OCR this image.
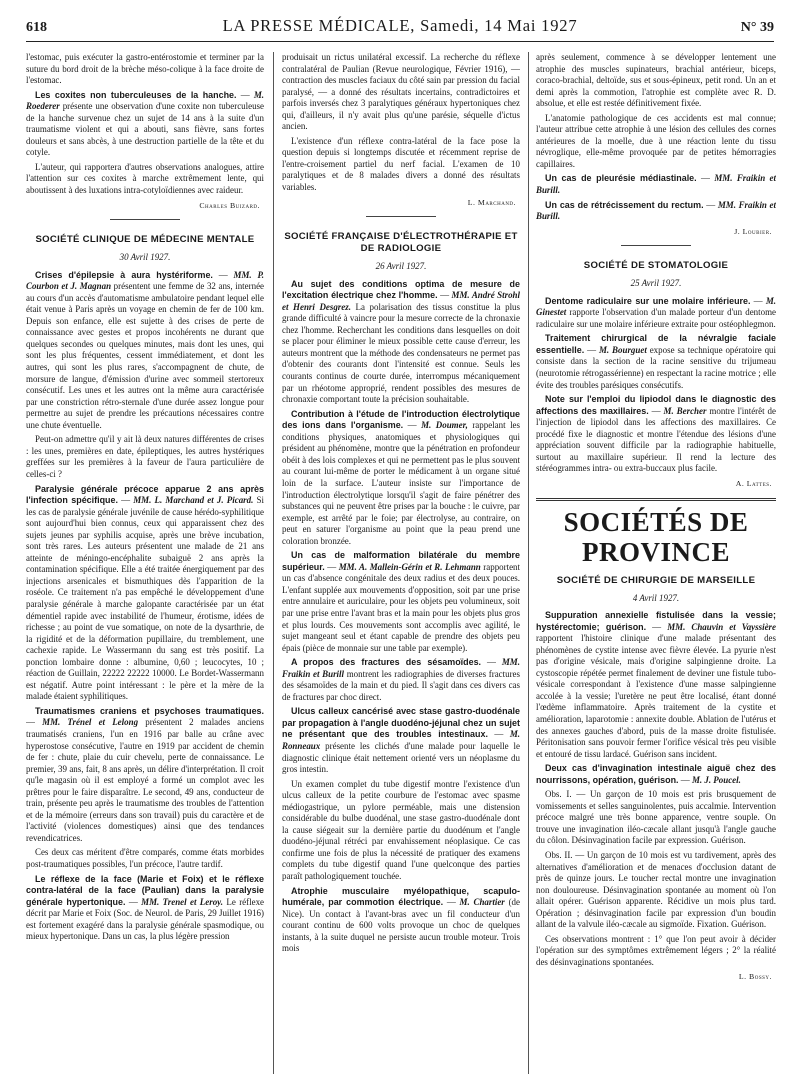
618	LA PRESSE MÉDICALE, Samedi, 14 Mai 1927	N° 39

l'estomac, puis exécuter la gastro-entérostomie et terminer par la suture du bord droit de la brèche méso-colique à la face droite de l'estomac.

Les coxites non tuberculeuses de la hanche. — M. Roederer présente une observation d'une coxite non tuberculeuse de la hanche survenue chez un sujet de 14 ans à la suite d'un traumatisme violent et qui a abouti, sans fièvre, sans fortes douleurs et sans abcès, à une destruction partielle de la tête et du cotyle.

L'auteur, qui rapportera d'autres observations analogues, attire l'attention sur ces coxites à marche extrêmement lente, qui aboutissent à des luxations intra-cotyloïdiennes avec raideur.

Charles Buizard.
SOCIÉTÉ CLINIQUE DE MÉDECINE MENTALE
30 Avril 1927.

Crises d'épilepsie à aura hystériforme. — MM. P. Courbon et J. Magnan présentent une femme de 32 ans, internée au cours d'un accès d'automatisme ambulatoire pendant lequel elle était venue à Paris après un voyage en chemin de fer de 100 km. Depuis son enfance, elle est sujette à des crises de perte de connaissance avec gestes et propos incohérents ne durant que quelques secondes ou quelques minutes, mais dont les unes, qui sont les plus fréquentes, cessent immédiatement, et dont les autres, qui sont les plus rares, s'accompagnent de chute, de morsure de langue, d'émission d'urine avec sommeil stertoreux consécutif. Les unes et les autres ont la même aura caractérisée par une constriction rétro-sternale d'une durée assez longue pour permettre au sujet de prendre les précautions nécessaires contre une chute éventuelle.

Peut-on admettre qu'il y ait là deux natures différentes de crises : les unes, premières en date, épileptiques, les autres hystériques greffées sur les premières à la faveur de l'aura particulière de celles-ci ?

Paralysie générale précoce apparue 2 ans après l'infection spécifique. — MM. L. Marchand et J. Picard. Si les cas de paralysie générale juvénile de cause hérédo-syphilitique sont aujourd'hui bien connus, ceux qui apparaissent chez des sujets jeunes par syphilis acquise, après une brève incubation, sont très rares. Les auteurs présentent une malade de 21 ans atteinte de méningo-encéphalite subaiguë 2 ans après la contamination spécifique. Elle a été traitée énergiquement par des injections arsenicales et bismuthiques dès l'apparition de la roséole. Ce traitement n'a pas empêché le développement d'une paralysie générale à marche galopante caractérisée par un état démentiel rapide avec instabilité de l'humeur, érotisme, idées de richesse ; au point de vue somatique, on note de la dysarthrie, de la rigidité et de la déformation pupillaire, du tremblement, une cachexie rapide. Le Wassermann du sang est très positif. La ponction lombaire donne : albumine, 0,60 ; leucocytes, 10 ; réaction de Guillain, 22222 22222 10000. Le Bordet-Wassermann est négatif. Autre point intéressant : le père et la mère de la malade étaient syphilitiques.

Traumatismes craniens et psychoses traumatiques. — MM. Trénel et Lelong présentent 2 malades anciens traumatisés craniens, l'un en 1916 par balle au crâne avec hyperostose consécutive, l'autre en 1919 par accident de chemin de fer : chute, plaie du cuir chevelu, perte de connaissance. Le premier, 39 ans, fait, 8 ans après, un délire d'interprétation. Il croit qu'le magasin où il est employé a formé un complot avec les prêtres pour le faire disparaître. Le second, 49 ans, conducteur de train, présente peu après le traumatisme des troubles de l'attention et de la mémoire (erreurs dans son travail) puis du caractère et de l'activité (violences domestiques) ainsi que des tendances revendicatrices.

Ces deux cas méritent d'être comparés, comme états morbides post-traumatiques possibles, l'un précoce, l'autre tardif.

Le réflexe de la face (Marie et Foix) et le réflexe contra-latéral de la face (Paulian) dans la paralysie générale hypertonique. — MM. Trenel et Leroy. Le réflexe décrit par Marie et Foix (Soc. de Neurol. de Paris, 29 Juillet 1916) est fortement exagéré dans la paralysie générale spasmodique, ou mieux hypertonique. Dans un cas, la plus légère pression

produisait un rictus unilatéral excessif. La recherche du réflexe contralatéral de Paulian (Revue neurologique, Février 1916), — contraction des muscles faciaux du côté sain par pression du facial paralysé, — a donné des résultats incertains, contradictoires et parfois inversés chez 3 paralytiques généraux hypertoniques chez qui, d'ailleurs, il n'y avait plus qu'une parésie, séquelle d'ictus ancien.

L'existence d'un réflexe contra-latéral de la face pose la question depuis si longtemps discutée et récemment reprise de l'entre-croisement partiel du nerf facial. L'examen de 10 paralytiques et de 8 malades divers a donné des résultats variables.

L. Marchand.
SOCIÉTÉ FRANÇAISE D'ÉLECTROTHÉRAPIE ET DE RADIOLOGIE
26 Avril 1927.

Au sujet des conditions optima de mesure de l'excitation électrique chez l'homme. — MM. André Strohl et Henri Desgrez. La polarisation des tissus constitue la plus grande difficulté à vaincre pour la mesure correcte de la chronaxie chez l'homme. Recherchant les conditions dans lesquelles on doit se placer pour éliminer le mieux possible cette cause d'erreur, les auteurs montrent que la méthode des condensateurs ne permet pas d'obtenir des courants dont l'intensité est connue. Seuls les courants continus de courte durée, interrompus mécaniquement par un rhéotome approprié, rendent possibles des mesures de chronaxie comportant toute la précision souhaitable.

Contribution à l'étude de l'introduction électrolytique des ions dans l'organisme. — M. Doumer, rappelant les conditions physiques, anatomiques et physiologiques qui président au phénomène, montre que la pénétration en profondeur obéit à des lois complexes et qui ne permettent pas le plus souvent au courant lui-même de porter le médicament à un organe situé loin de la surface. L'auteur insiste sur l'importance de l'introduction électrolytique lorsqu'il s'agit de faire pénétrer des substances qui ne peuvent être prises par la bouche : le cuivre, par exemple, est arrêté par le foie; par électrolyse, au contraire, on peut en saturer l'organisme au point que la peau prend une coloration bronzée.

Un cas de malformation bilatérale du membre supérieur. — MM. A. Mallein-Gérin et R. Lehmann rapportent un cas d'absence congénitale des deux radius et des deux pouces. L'enfant supplée aux mouvements d'opposition, soit par une prise entre annulaire et auriculaire, pour les objets peu volumineux, soit par une prise entre l'avant bras et la main pour les objets plus gros et plus lourds. Ces mouvements sont accomplis avec agilité, le sujet mangeant seul et étant capable de prendre des objets peu épais (pièce de monnaie sur une table par exemple).

A propos des fractures des sésamoïdes. — MM. Fraikin et Burill montrent les radiographies de diverses fractures des sésamoïdes de la main et du pied. Il s'agit dans ces divers cas de fractures par choc direct.

Ulcus calleux cancérisé avec stase gastro-duodénale par propagation à l'angle duodéno-jéjunal chez un sujet ne présentant que des troubles intestinaux. — M. Ronneaux présente les clichés d'une malade pour laquelle le diagnostic clinique était nettement orienté vers un néoplasme du gros intestin.

Un examen complet du tube digestif montre l'existence d'un ulcus calleux de la petite courbure de l'estomac avec spasme médiogastrique, un pylore perméable, mais une distension considérable du bulbe duodénal, une stase gastro-duodénale dont la cause siégeait sur la dernière partie du duodénum et l'angle duodéno-jéjunal rétréci par envahissement néoplasique. Ce cas confirme une fois de plus la nécessité de pratiquer des examens complets du tube digestif quand l'une quelconque des parties paraît pathologiquement touchée.

Atrophie musculaire myélopathique, scapulo-humérale, par commotion électrique. — M. Chartier (de Nice). Un contact à l'avant-bras avec un fil conducteur d'un courant continu de 600 volts provoque un choc de quelques instants, à la suite duquel ne persiste aucun trouble moteur. Trois mois

après seulement, commence à se développer lentement une atrophie des muscles supinateurs, brachial antérieur, biceps, coraco-brachial, deltoïde, sus et sous-épineux, petit rond. Un an et demi après la commotion, l'atrophie est complète avec R. D. absolue, et elle est restée définitivement fixée.

L'anatomie pathologique de ces accidents est mal connue; l'auteur attribue cette atrophie à une lésion des cellules des cornes antérieures de la moelle, due à une réaction lente du tissu névroglique, elle-même provoquée par de petites hémorragies capillaires.

Un cas de pleurésie médiastinale. — MM. Fraikin et Burill.

Un cas de rétrécissement du rectum. — MM. Fraikin et Burill.

J. Loubier.
SOCIÉTÉ DE STOMATOLOGIE
25 Avril 1927.

Dentome radiculaire sur une molaire inférieure. — M. Ginestet rapporte l'observation d'un malade porteur d'un dentome radiculaire sur une molaire inférieure extraite pour ostéophlegmon.

Traitement chirurgical de la névralgie faciale essentielle. — M. Bourguet expose sa technique opératoire qui consiste dans la section de la racine sensitive du trijumeau (neurotomie rétrogassérienne) en respectant la racine motrice ; elle évite des troubles parésiques consécutifs.

Note sur l'emploi du lipiodol dans le diagnostic des affections des maxillaires. — M. Bercher montre l'intérêt de l'injection de lipiodol dans les affections des maxillaires. Ce procédé fixe le diagnostic et montre l'étendue des lésions d'une appréciation souvent difficile par la radiographie habituelle, surtout au maxillaire supérieur. Il rend la lecture des stéréogrammes intra- ou extra-buccaux plus facile.

A. Lattes.
SOCIÉTÉS DE PROVINCE
SOCIÉTÉ DE CHIRURGIE DE MARSEILLE
4 Avril 1927.

Suppuration annexielle fistulisée dans la vessie; hystérectomie; guérison. — MM. Chauvin et Vayssière rapportent l'histoire clinique d'une malade présentant des phénomènes de cystite intense avec fièvre élevée. La pyurie n'est pas d'origine vésicale, mais d'origine salpingienne droite. La cystoscopie répétée permet finalement de deviner une fistule tubo-vésicale correspondant à l'existence d'une masse salpingienne accolée à la vessie; l'uretère ne peut être localisé, étant donné l'œdème inflammatoire. Après traitement de la cystite et amélioration, laparotomie : annexite double. Ablation de l'utérus et des annexes gauches d'abord, puis de la masse droite fistulisée. Péritonisation sans pouvoir fermer l'orifice vésical très peu visible et entouré de tissu lardacé. Guérison sans incident.

Deux cas d'invagination intestinale aiguë chez des nourrissons, opération, guérison. — M. J. Poucel.

Obs. I. — Un garçon de 10 mois est pris brusquement de vomissements et selles sanguinolentes, puis accalmie. Intervention précoce malgré une très bonne apparence, ventre souple. On trouve une invagination iléo-cæcale allant jusqu'à l'angle gauche du côlon. Désinvagination facile par expression. Guérison.

Obs. II. — Un garçon de 10 mois est vu tardivement, après des alternatives d'amélioration et de menaces d'occlusion datant de près de quinze jours. Le toucher rectal montre une invagination non douloureuse. Désinvagination spontanée au moment où l'on allait opérer. Guérison apparente. Récidive un mois plus tard. Opération ; désinvagination facile par expression d'un boudin allant de la valvule iléo-cæcale au sigmoïde. Fixation. Guérison.

Ces observations montrent : 1° que l'on peut avoir à décider l'opération sur des symptômes extrêmement légers ; 2° la réalité des désinvaginations spontanées.

L. Bossy.
